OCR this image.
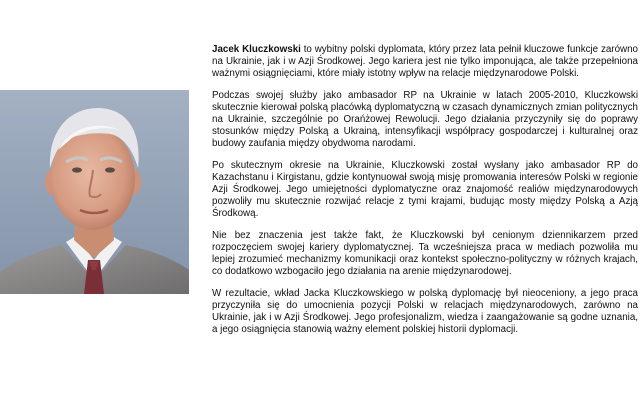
Jacek Kluczkowski to wybitny polski dyplomata, który przez lata pełnił kluczowe funkcje zarówno na Ukrainie, jak i w Azji Środkowej. Jego kariera jest nie tylko imponująca, ale także przepełniona ważnymi osiągnięciami, które miały istotny wpływ na relacje międzynarodowe Polski.

Podczas swojej służby jako ambasador RP na Ukrainie w latach 2005-2010, Kluczkowski skutecznie kierował polską placówką dyplomatyczną w czasach dynamicznych zmian politycznych na Ukrainie, szczególnie po Orańżowej Rewolucji. Jego działania przyczyniły się do poprawy stosunków między Polską a Ukrainą, intensyfikacji współpracy gospodarczej i kulturalnej oraz budowy zaufania między obydwoma narodami.

Po skutecznym okresie na Ukrainie, Kluczkowski został wysłany jako ambasador RP do Kazachstanu i Kirgistanu, gdzie kontynuował swoją misję promowania interesów Polski w regionie Azji Środkowej. Jego umiejętności dyplomatyczne oraz znajomość realiów międzynarodowych pozwoliły mu skutecznie rozwijać relacje z tymi krajami, budując mosty między Polską a Azją Środkową.

Nie bez znaczenia jest także fakt, że Kluczkowski był cenionym dziennikarzem przed rozpoczęciem swojej kariery dyplomatycznej. Ta wcześniejsza praca w mediach pozwoliła mu lepiej zrozumieć mechanizmy komunikacji oraz kontekst społeczno-polityczny w różnych krajach, co dodatkowo wzbogaciło jego działania na arenie międzynarodowej.

W rezultacie, wkład Jacka Kluczkowskiego w polską dyplomację był nieoceniony, a jego praca przyczyniła się do umocnienia pozycji Polski w relacjach międzynarodowych, zarówno na Ukrainie, jak i w Azji Środkowej. Jego profesjonalizm, wiedza i zaangażowanie są godne uznania, a jego osiągnięcia stanowią ważny element polskiej historii dyplomacji.
